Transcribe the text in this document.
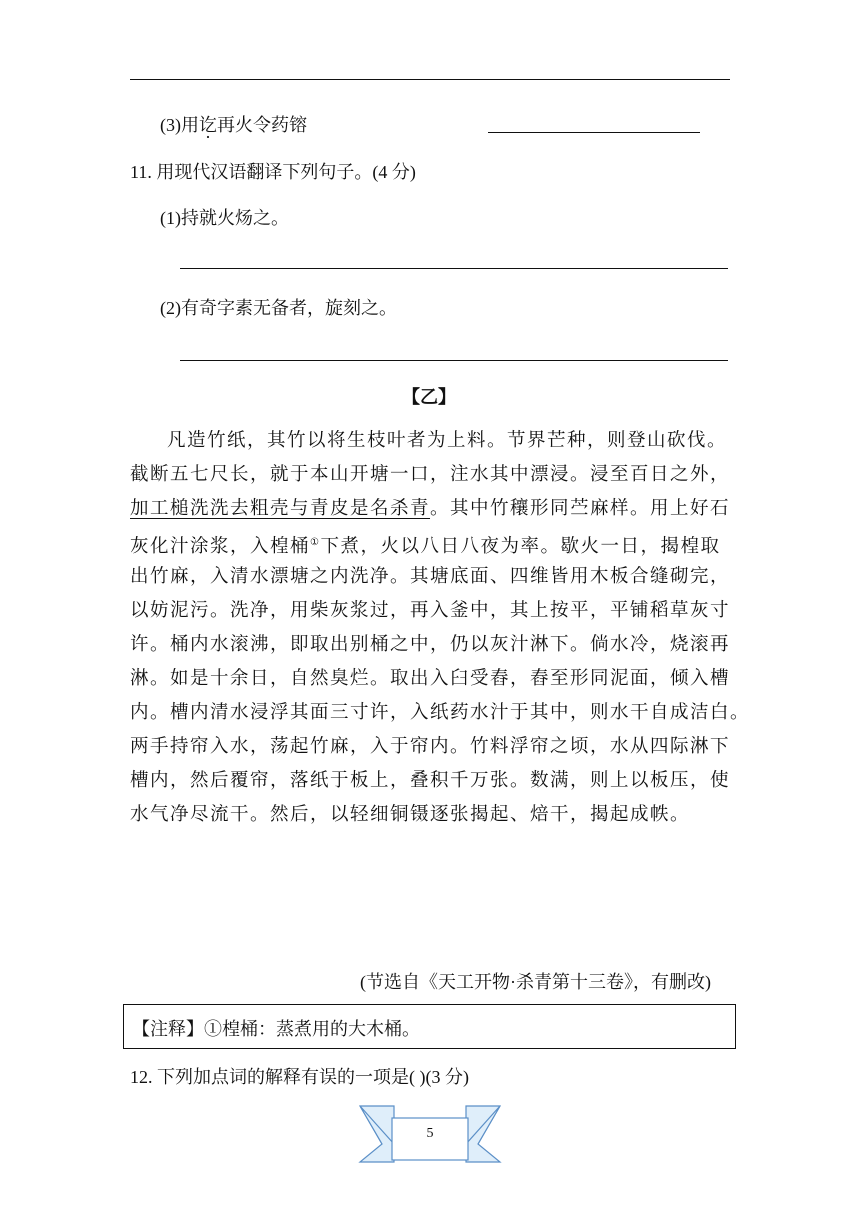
(3)用讫再火令药镕
11. 用现代汉语翻译下列句子。(4 分)
(1)持就火炀之。
(2)有奇字素无备者，旋刻之。
【乙】
凡造竹纸，其竹以将生枝叶者为上料。节界芒种，则登山砍伐。
截断五七尺长，就于本山开塘一口，注水其中漂浸。浸至百日之外，
加工槌洗洗去粗壳与青皮是名杀青。其中竹穰形同苎麻样。用上好石
灰化汁涂浆，入楻桶①下煮，火以八日八夜为率。歇火一日，揭楻取
出竹麻，入清水漂塘之内洗净。其塘底面、四维皆用木板合缝砌完，
以妨泥污。洗净，用柴灰浆过，再入釜中，其上按平，平铺稻草灰寸
许。桶内水滚沸，即取出别桶之中，仍以灰汁淋下。倘水冷，烧滚再
淋。如是十余日，自然臭烂。取出入臼受舂，舂至形同泥面，倾入槽
内。槽内清水浸浮其面三寸许，入纸药水汁于其中，则水干自成洁白。
两手持帘入水，荡起竹麻，入于帘内。竹料浮帘之顷，水从四际淋下
槽内，然后覆帘，落纸于板上，叠积千万张。数满，则上以板压，使
水气净尽流干。然后，以轻细铜镊逐张揭起、焙干，揭起成帙。
(节选自《天工开物·杀青第十三卷》，有删改)
【注释】①楻桶：蒸煮用的大木桶。
12. 下列加点词的解释有误的一项是( )(3 分)
5
